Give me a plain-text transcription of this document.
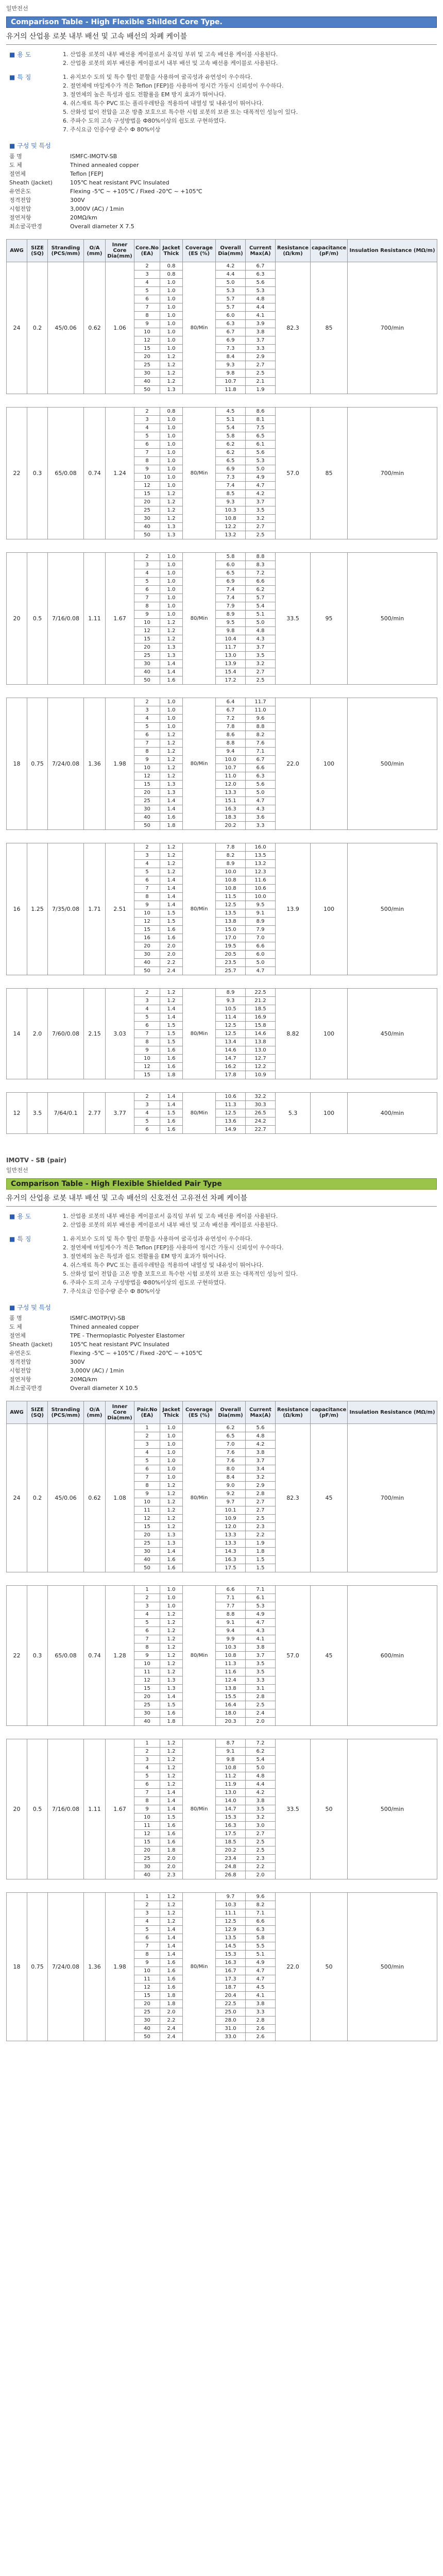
일반전선
Comparison Table - High Flexible Shilded Core Type.
유거의 산업용 로봇 내부 배선 및 고속 배선의 차폐 케이블
■ 용 도	1. 산업용 로봇의 내부 배선용 케이블로서 움직임 부위 및 고속 배선용 케이블 사용된다.
2. 산업용 로봇의 외부 배선용 케이블로서 내부 배선 및 고속 배선용 케이블로 사용된다.
■ 특 징	1. 유지보수 도의 및 특수 할인 분할을 사용하여 굴곡성과 유연성이 우수하다.
2. 절연체에 마일게수가 적은 Teflon [FEP]를 사용하여 정시간 가동시 신뢰성이 우수하다.
3. 절연체의 높은 특성과 쉽도 전활률을 EM 방지 효과가 뛰어나다.
4. 쉬스재료 특수 PVC 또는 폴리우레탄을 적용하여 내열성 및 내유성이 뛰어나다.
5. 산화성 없이 전압을 고온 방출 보호으로 특수한 시험 로봇의 보관 또는 대폭적인 성능이 있다.
6. 주파수 도의 고속 구성방법을 Ф80%이상의 쉽도로 구현하였다.
7. 주식요금 인증수량 준수 Ф 80%이상
■ 구성 및 특성
품 명	ISMFC-IMOTV-SB
도 체	Thined annealed copper
절연체	Teflon [FEP]
Sheath (Jacket)	105℃ heat resistant PVC Insulated
유연온도	Flexing -5℃ ~ +105℃ / Fixed -20℃ ~ +105℃
정격전압	300V
시험전압	3,000V (AC) / 1min
절연저항	20MΩ/km
최소굴곡반경	Overall diameter X 7.5
AWG	SIZE (SQ)	Stranding (PCS/mm)	O/A (mm)	Inner Core Dia(mm)	Core.No (EA)	Jacket Thick	Coverage (ES (%)	Overall Dia(mm)	Current Max(A)	Resistance (Ω/km)	capacitance (pF/m)	Insulation Resistance (MΩ/m)
24	0.2	45/0.06	0.62	1.06	2	0.8	80/Min	4.2	6.7	82.3	85	700/min
					3	0.8		4.4	6.3			
					4	1.0		5.0	5.6			
					5	1.0		5.3	5.3			
					6	1.0		5.7	4.8			
					7	1.0		5.7	4.4			
					8	1.0		6.0	4.1			
					9	1.0		6.3	3.9			
					10	1.0		6.7	3.8			
					12	1.0		6.9	3.7			
					15	1.0		7.3	3.3			
					20	1.2		8.4	2.9			
					25	1.2		9.3	2.7			
					30	1.2		9.8	2.5			
					40	1.2		10.7	2.1			
					50	1.3		11.8	1.9			

22	0.3	65/0.08	0.74	1.24	2	0.8	80/Min	4.5	8.6	57.0	85	700/min
					3	1.0		5.1	8.1			
					4	1.0		5.4	7.5			
					5	1.0		5.8	6.5			
					6	1.0		6.2	6.1			
					7	1.0		6.2	5.6			
					8	1.0		6.5	5.3			
					9	1.0		6.9	5.0			
					10	1.0		7.3	4.9			
					12	1.0		7.4	4.7			
					15	1.2		8.5	4.2			
					20	1.2		9.3	3.7			
					25	1.2		10.3	3.5			
					30	1.2		10.8	3.2			
					40	1.3		12.2	2.7			
					50	1.3		13.2	2.5			

20	0.5	7/16/0.08	1.11	1.67	2	1.0	80/Min	5.8	8.8	33.5	95	500/min
					3	1.0		6.0	8.3			
					4	1.0		6.5	7.2			
					5	1.0		6.9	6.6			
					6	1.0		7.4	6.2			
					7	1.0		7.4	5.7			
					8	1.0		7.9	5.4			
					9	1.0		8.9	5.1			
					10	1.2		9.5	5.0			
					12	1.2		9.8	4.8			
					15	1.2		10.4	4.3			
					20	1.3		11.7	3.7			
					25	1.3		13.0	3.5			
					30	1.4		13.9	3.2			
					40	1.4		15.4	2.7			
					50	1.6		17.2	2.5			

18	0.75	7/24/0.08	1.36	1.98	2	1.0	80/Min	6.4	11.7	22.0	100	500/min
					3	1.0		6.7	11.0			
					4	1.0		7.2	9.6			
					5	1.0		7.8	8.8			
					6	1.2		8.6	8.2			
					7	1.2		8.8	7.6			
					8	1.2		9.4	7.1			
					9	1.2		10.0	6.7			
					10	1.2		10.7	6.6			
					12	1.2		11.0	6.3			
					15	1.3		12.0	5.6			
					20	1.3		13.3	5.0			
					25	1.4		15.1	4.7			
					30	1.4		16.3	4.3			
					40	1.6		18.3	3.6			
					50	1.8		20.2	3.3			

16	1.25	7/35/0.08	1.71	2.51	2	1.2	80/Min	7.8	16.0	13.9	100	500/min
					3	1.2		8.2	13.5			
					4	1.2		8.9	13.2			
					5	1.2		10.0	12.3			
					6	1.4		10.8	11.6			
					7	1.4		10.8	10.6			
					8	1.4		11.5	10.0			
					9	1.4		12.5	9.5			
					10	1.5		13.5	9.1			
					12	1.5		13.8	8.9			
					15	1.6		15.0	7.9			
					16	1.6		17.0	7.0			
					20	2.0		19.5	6.6			
					30	2.0		20.5	6.0			
					40	2.2		23.5	5.0			
					50	2.4		25.7	4.7			

14	2.0	7/60/0.08	2.15	3.03	2	1.2	80/Min	8.9	22.5	8.82	100	450/min
					3	1.2		9.3	21.2			
					4	1.4		10.5	18.5			
					5	1.4		11.4	16.9			
					6	1.5		12.5	15.8			
					7	1.5		12.5	14.6			
					8	1.5		13.4	13.8			
					9	1.6		14.6	13.0			
					10	1.6		14.7	12.7			
					12	1.6		16.2	12.2			
					15	1.8		17.8	10.9			

12	3.5	7/64/0.1	2.77	3.77	2	1.4	80/Min	10.6	32.2	5.3	100	400/min
					3	1.4		11.3	30.3			
					4	1.5		12.5	26.5			
					5	1.6		13.6	24.2			
					6	1.6		14.9	22.7			
IMOTV - SB (pair)
일반전선
Comparison Table - High Flexible Shielded Pair Type
유거의 산업용 로봇 내부 배선 및 고속 배선의 신호전선 고유전선 차폐 케이블
■ 용 도	1. 산업용 로봇의 내부 배선용 케이블로서 움직임 부위 및 고속 배선용 케이블 사용된다.
2. 산업용 로봇의 외부 배선용 케이블로서 내부 배선 및 고속 배선용 케이블로 사용된다.
■ 특 징	1. 유지보수 도의 및 특수 할인 분할을 사용하여 굴곡성과 유연성이 우수하다.
2. 절연체에 마일게수가 적은 Teflon [FEP]를 사용하여 정시간 가동시 신뢰성이 우수하다.
3. 절연체의 높은 특성과 쉽도 전활률을 EM 방지 효과가 뛰어나다.
4. 쉬스재료 특수 PVC 또는 폴리우레탄을 적용하여 내열성 및 내유성이 뛰어나다.
5. 산화성 없이 전압을 고온 방출 보호으로 특수한 시험 로봇의 보관 또는 대폭적인 성능이 있다.
6. 주파수 도의 고속 구성방법을 Ф80%이상의 쉽도로 구현하였다.
7. 주식요금 인증수량 준수 Ф 80%이상
■ 구성 및 특성
품 명	ISMFC-IMOTP(V)-SB
도 체	Thined annealed copper
절연체	TPE - Thermoplastic Polyester Elastomer
Sheath (Jacket)	105℃ heat resistant PVC Insulated
유연온도	Flexing -5℃ ~ +105℃ / Fixed -20℃ ~ +105℃
정격전압	300V
시험전압	3,000V (AC) / 1min
절연저항	20MΩ/km
최소굴곡반경	Overall diameter X 10.5
AWG	SIZE (SQ)	Stranding (PCS/mm)	O/A (mm)	Inner Core Dia(mm)	Pair.No (EA)	Jacket Thick	Coverage (ES (%)	Overall Dia(mm)	Current Max(A)	Resistance (Ω/km)	capacitance (pF/m)	Insulation Resistance (MΩ/m)
24	0.2	45/0.06	0.62	1.08	1	1.0	80/Min	6.2	5.6	82.3	45	700/min
					2	1.0		6.5	4.8			
					3	1.0		7.0	4.2			
					4	1.0		7.6	3.8			
					5	1.0		7.6	3.7			
					6	1.0		8.0	3.4			
					7	1.0		8.4	3.2			
					8	1.2		9.0	2.9			
					9	1.2		9.2	2.8			
					10	1.2		9.7	2.7			
					11	1.2		10.1	2.7			
					12	1.2		10.9	2.5			
					15	1.2		12.0	2.3			
					20	1.3		13.3	2.2			
					25	1.3		13.3	1.9			
					30	1.4		14.3	1.8			
					40	1.6		16.3	1.5			
					50	1.6		17.5	1.5			

22	0.3	65/0.08	0.74	1.28	1	1.0	80/Min	6.6	7.1	57.0	45	600/min
					2	1.0		7.1	6.1			
					3	1.0		7.7	5.3			
					4	1.2		8.8	4.9			
					5	1.2		9.1	4.7			
					6	1.2		9.4	4.3			
					7	1.2		9.9	4.1			
					8	1.2		10.3	3.8			
					9	1.2		10.8	3.7			
					10	1.2		11.3	3.5			
					11	1.2		11.6	3.5			
					12	1.3		12.4	3.3			
					15	1.3		13.8	3.1			
					20	1.4		15.5	2.8			
					25	1.5		16.4	2.5			
					30	1.6		18.0	2.4			
					40	1.8		20.3	2.0			

20	0.5	7/16/0.08	1.11	1.67	1	1.2	80/Min	8.7	7.2	33.5	50	500/min
					2	1.2		9.1	6.2			
					3	1.2		9.8	5.4			
					4	1.2		10.8	5.0			
					5	1.2		11.2	4.8			
					6	1.2		11.9	4.4			
					7	1.4		13.0	4.2			
					8	1.4		14.0	3.8			
					9	1.4		14.7	3.5			
					10	1.5		15.3	3.2			
					11	1.6		16.3	3.0			
					12	1.6		17.5	2.7			
					15	1.6		18.5	2.5			
					20	1.8		20.2	2.5			
					25	2.0		23.4	2.3			
					30	2.0		24.8	2.2			
					40	2.3		26.8	2.0			

18	0.75	7/24/0.08	1.36	1.98	1	1.2	80/Min	9.7	9.6	22.0	50	500/min
					2	1.2		10.3	8.2			
					3	1.2		11.1	7.1			
					4	1.2		12.5	6.6			
					5	1.4		12.9	6.3			
					6	1.4		13.5	5.8			
					7	1.4		14.5	5.5			
					8	1.4		15.3	5.1			
					9	1.6		16.3	4.9			
					10	1.6		16.7	4.7			
					11	1.6		17.3	4.7			
					12	1.6		18.7	4.5			
					15	1.8		20.4	4.1			
					20	1.8		22.5	3.8			
					25	2.0		25.0	3.3			
					30	2.2		28.0	2.8			
					40	2.4		31.0	2.6			
					50	2.4		33.0	2.6			
